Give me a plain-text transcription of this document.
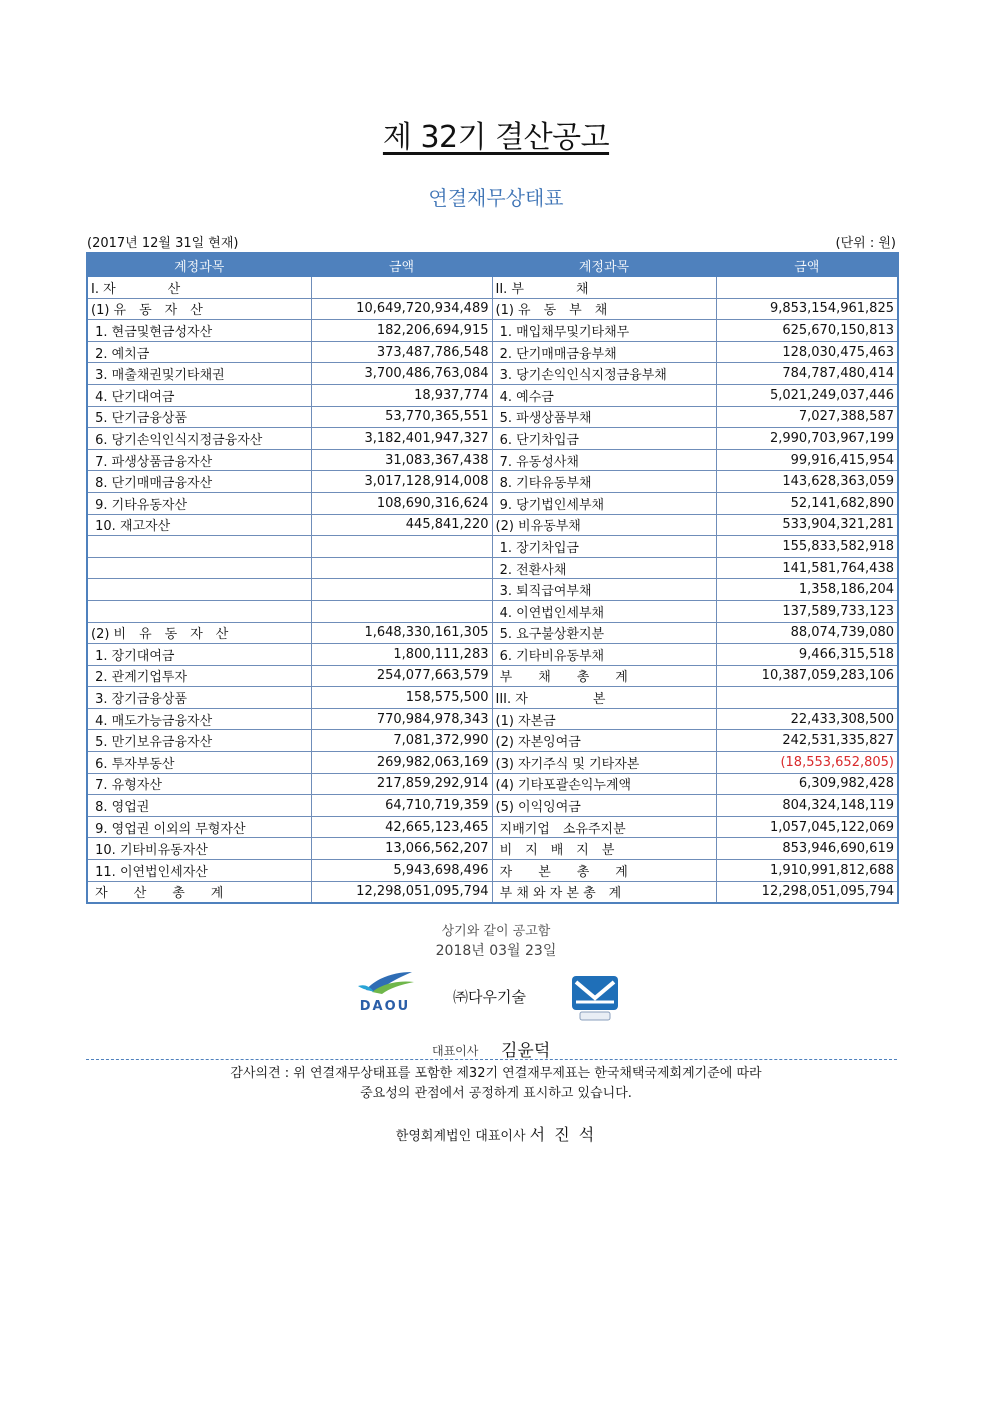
제 32기 결산공고
연결재무상태표
(2017년 12월 31일 현재)	(단위 : 원)
계정과목	금액	계정과목	금액
I. 자　　　　산		II. 부　　　　채	
(1) 유　동　자　산	10,649,720,934,489	(1) 유　동　부　채	9,853,154,961,825
1. 현금및현금성자산	182,206,694,915	1. 매입채무및기타채무	625,670,150,813
2. 예치금	373,487,786,548	2. 단기매매금융부채	128,030,475,463
3. 매출채권및기타채권	3,700,486,763,084	3. 당기손익인식지정금융부채	784,787,480,414
4. 단기대여금	18,937,774	4. 예수금	5,021,249,037,446
5. 단기금융상품	53,770,365,551	5. 파생상품부채	7,027,388,587
6. 당기손익인식지정금융자산	3,182,401,947,327	6. 단기차입금	2,990,703,967,199
7. 파생상품금융자산	31,083,367,438	7. 유동성사채	99,916,415,954
8. 단기매매금융자산	3,017,128,914,008	8. 기타유동부채	143,628,363,059
9. 기타유동자산	108,690,316,624	9. 당기법인세부채	52,141,682,890
10. 재고자산	445,841,220	(2) 비유동부채	533,904,321,281
		1. 장기차입금	155,833,582,918
		2. 전환사채	141,581,764,438
		3. 퇴직급여부채	1,358,186,204
		4. 이연법인세부채	137,589,733,123
(2) 비　유　동　자　산	1,648,330,161,305	5. 요구불상환지분	88,074,739,080
1. 장기대여금	1,800,111,283	6. 기타비유동부채	9,466,315,518
2. 관계기업투자	254,077,663,579	부　　채　　총　　계	10,387,059,283,106
3. 장기금융상품	158,575,500	III. 자　　　　　본	
4. 매도가능금융자산	770,984,978,343	(1) 자본금	22,433,308,500
5. 만기보유금융자산	7,081,372,990	(2) 자본잉여금	242,531,335,827
6. 투자부동산	269,982,063,169	(3) 자기주식 및 기타자본	(18,553,652,805)
7. 유형자산	217,859,292,914	(4) 기타포괄손익누계액	6,309,982,428
8. 영업권	64,710,719,359	(5) 이익잉여금	804,324,148,119
9. 영업권 이외의 무형자산	42,665,123,465	지배기업　소유주지분	1,057,045,122,069
10. 기타비유동자산	13,066,562,207	비　지　배　지　분	853,946,690,619
11. 이연법인세자산	5,943,698,496	자　　본　　총　　계	1,910,991,812,688
자　　산　　총　　계	12,298,051,095,794	부 채 와 자 본 총　계	12,298,051,095,794
상기와 같이 공고함
2018년 03월 23일
DAOU
㈜다우기술
대표이사 김윤덕
감사의견 : 위 연결재무상태표를 포함한 제32기 연결재무제표는 한국채택국제회계기준에 따라
중요성의 관점에서 공정하게 표시하고 있습니다.
한영회계법인 대표이사 서 진 석
